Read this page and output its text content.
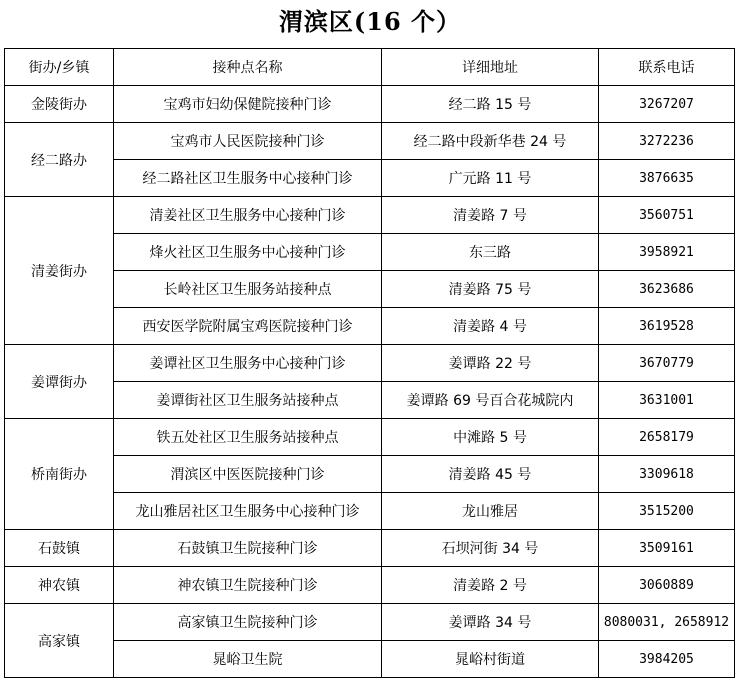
渭滨区(16 个）
街办/乡镇	接种点名称	详细地址	联系电话
金陵街办	宝鸡市妇幼保健院接种门诊	经二路 15 号	3267207
经二路办	宝鸡市人民医院接种门诊	经二路中段新华巷 24 号	3272236
	经二路社区卫生服务中心接种门诊	广元路 11 号	3876635
清姜街办	清姜社区卫生服务中心接种门诊	清姜路 7 号	3560751
	烽火社区卫生服务中心接种门诊	东三路	3958921
	长岭社区卫生服务站接种点	清姜路 75 号	3623686
	西安医学院附属宝鸡医院接种门诊	清姜路 4 号	3619528
姜谭街办	姜谭社区卫生服务中心接种门诊	姜谭路 22 号	3670779
	姜谭街社区卫生服务站接种点	姜谭路 69 号百合花城院内	3631001
桥南街办	铁五处社区卫生服务站接种点	中滩路 5 号	2658179
	渭滨区中医医院接种门诊	清姜路 45 号	3309618
	龙山雅居社区卫生服务中心接种门诊	龙山雅居	3515200
石鼓镇	石鼓镇卫生院接种门诊	石坝河街 34 号	3509161
神农镇	神农镇卫生院接种门诊	清姜路 2 号	3060889
高家镇	高家镇卫生院接种门诊	姜谭路 34 号	8080031, 2658912
	晁峪卫生院	晁峪村街道	3984205
